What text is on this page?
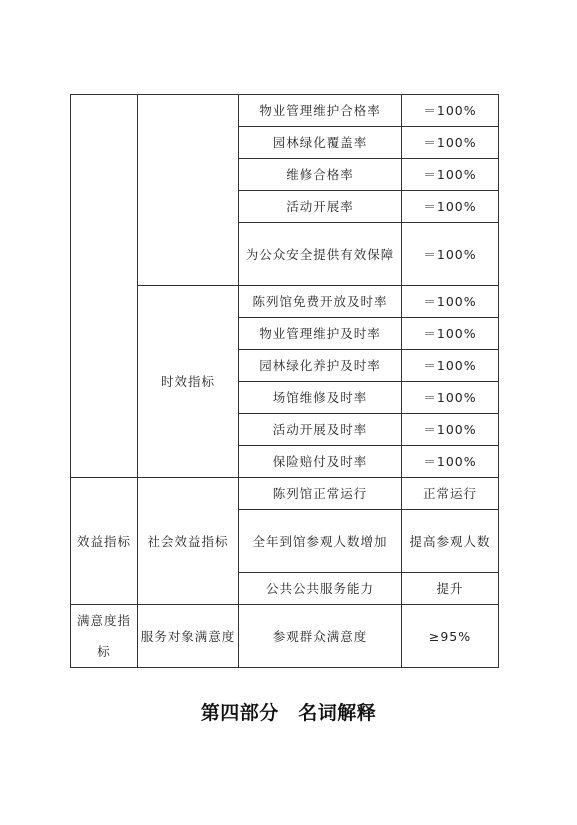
		物业管理维护合格率	＝100%
		园林绿化覆盖率	＝100%
		维修合格率	＝100%
		活动开展率	＝100%
		为公众安全提供有效保障	＝100%
	时效指标	陈列馆免费开放及时率	＝100%
		物业管理维护及时率	＝100%
		园林绿化养护及时率	＝100%
		场馆维修及时率	＝100%
		活动开展及时率	＝100%
		保险赔付及时率	＝100%
效益指标	社会效益指标	陈列馆正常运行	正常运行
		全年到馆参观人数增加	提高参观人数
		公共公共服务能力	提升
满意度指标	服务对象满意度	参观群众满意度	≥95%
第四部分　名词解释
